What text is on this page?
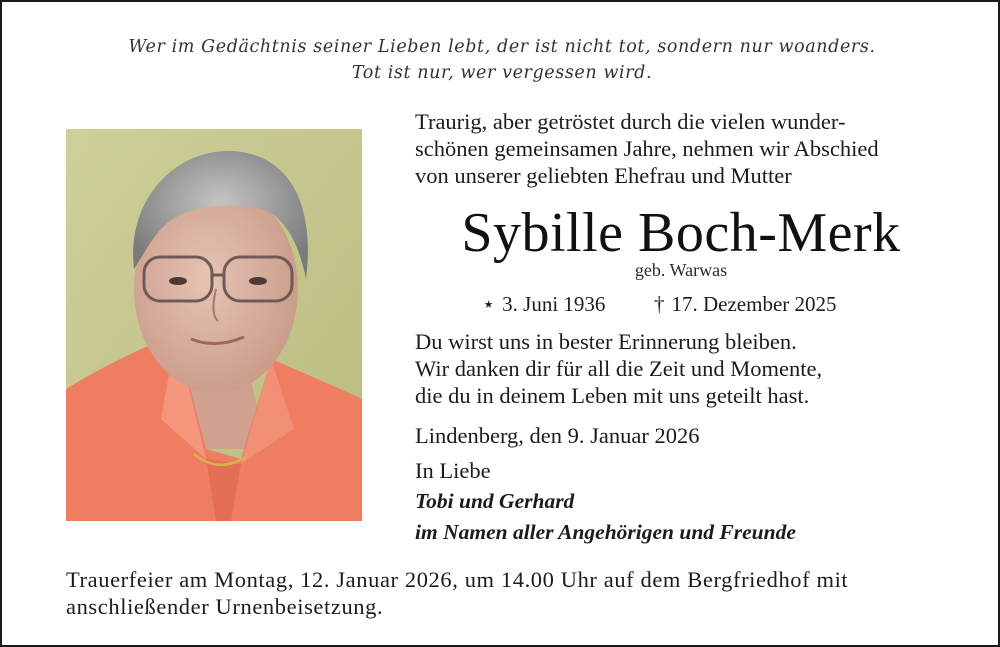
Wer im Gedächtnis seiner Lieben lebt, der ist nicht tot, sondern nur woanders.
Tot ist nur, wer vergessen wird.
Traurig, aber getröstet durch die vielen wunder-
schönen gemeinsamen Jahre, nehmen wir Abschied
von unserer geliebten Ehefrau und Mutter
Sybille Boch-Merk
geb. Warwas
⋆ 3. Juni 1936 † 17. Dezember 2025
Du wirst uns in bester Erinnerung bleiben.
Wir danken dir für all die Zeit und Momente,
die du in deinem Leben mit uns geteilt hast.
Lindenberg, den 9. Januar 2026
In Liebe
Tobi und Gerhard
im Namen aller Angehörigen und Freunde
Trauerfeier am Montag, 12. Januar 2026, um 14.00 Uhr auf dem Bergfriedhof mit
anschließender Urnenbeisetzung.
